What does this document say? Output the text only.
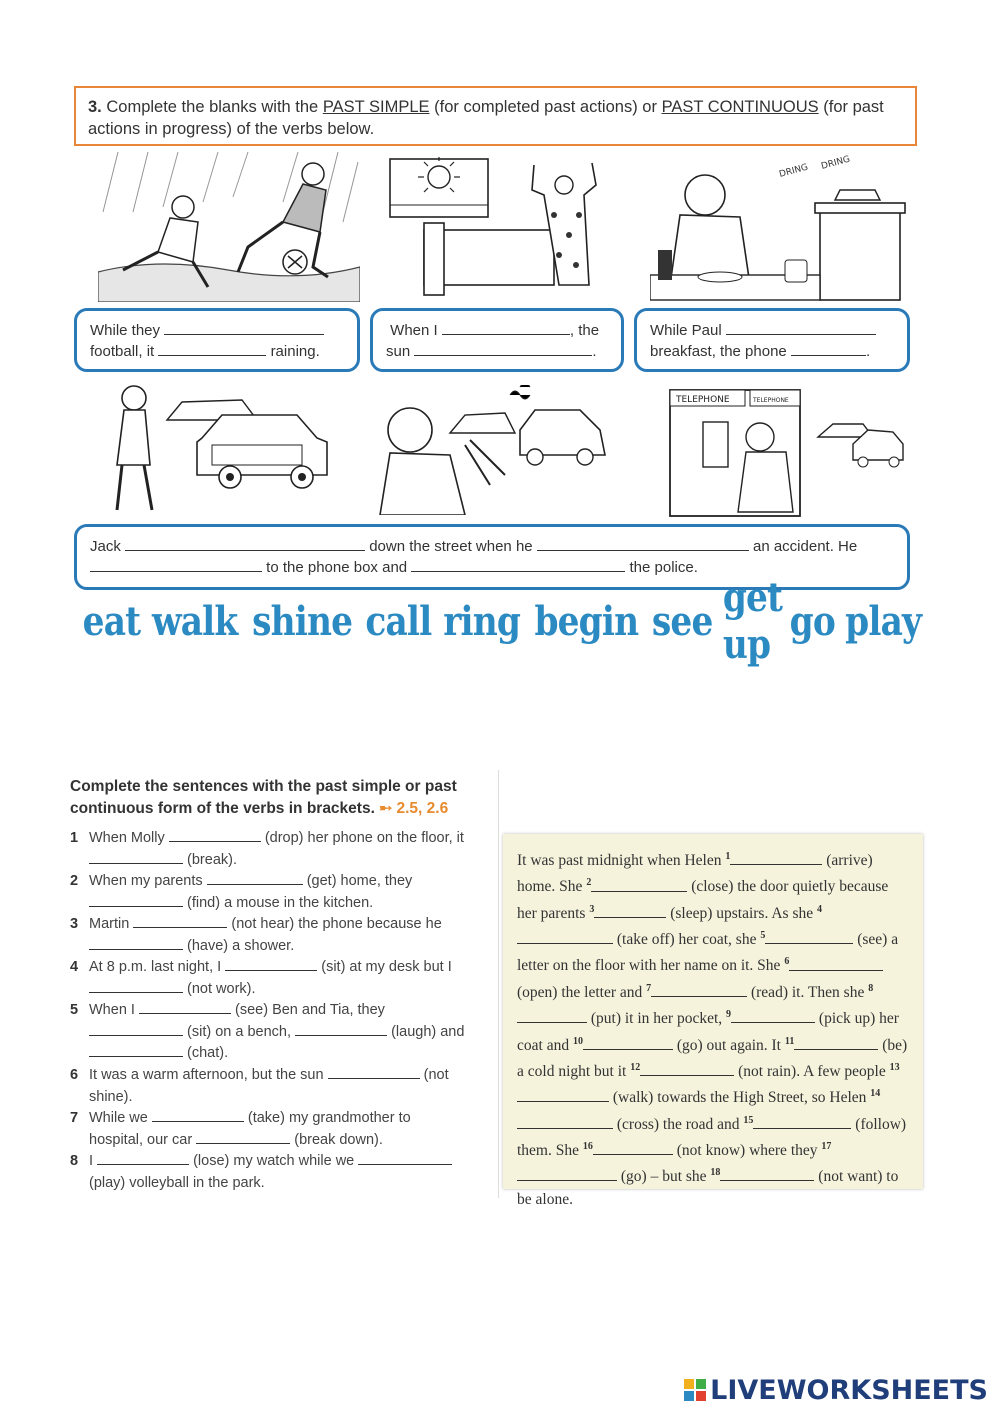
3. Complete the blanks with the PAST SIMPLE (for completed past actions) or PAST CONTINUOUS (for past actions in progress) of the verbs below.
DRING DRING
While they
football, it	raining.
When I	, the
sun	.
While Paul
breakfast, the phone	.
TELEPHONE	TELEPHONE
Jack	down the street when he	an accident. He
to the phone box and	the police.
eat walk shine call ring begin see get up go play
Complete the sentences with the past simple or past continuous form of the verbs in brackets. ➸ 2.5, 2.6
1 When Molly	(drop) her phone on the floor, it
(break).
2 When my parents	(get) home, they
(find) a mouse in the kitchen.
3 Martin	(not hear) the phone because he
(have) a shower.
4 At 8 p.m. last night, I	(sit) at my desk but I
(not work).
5 When I	(see) Ben and Tia, they
(sit) on a bench,	(laugh) and
(chat).
6 It was a warm afternoon, but the sun	(not
shine).
7 While we	(take) my grandmother to
hospital, our car	(break down).
8 I	(lose) my watch while we
(play) volleyball in the park.
It was past midnight when Helen $^1$	(arrive) home. She $^2$	(close) the door quietly because her parents $^3$	(sleep) upstairs. As she $^4$ (take off) her coat, she $^5$	(see) a letter on the floor with her name on it. She $^6$ (open) the letter and $^7$	(read) it. Then she $^8$ (put) it in her pocket, $^9$	(pick up) her coat and $^{10}$	(go) out again. It $^{11}$	(be) a cold night but it $^{12}$	(not rain). A few people $^{13}$ (walk) towards the High Street, so Helen $^{14}$ (cross) the road and $^{15}$	(follow) them. She $^{16}$	(not know) where they $^{17}$ (go) – but she $^{18}$	(not want) to be alone.
LIVEWORKSHEETS
